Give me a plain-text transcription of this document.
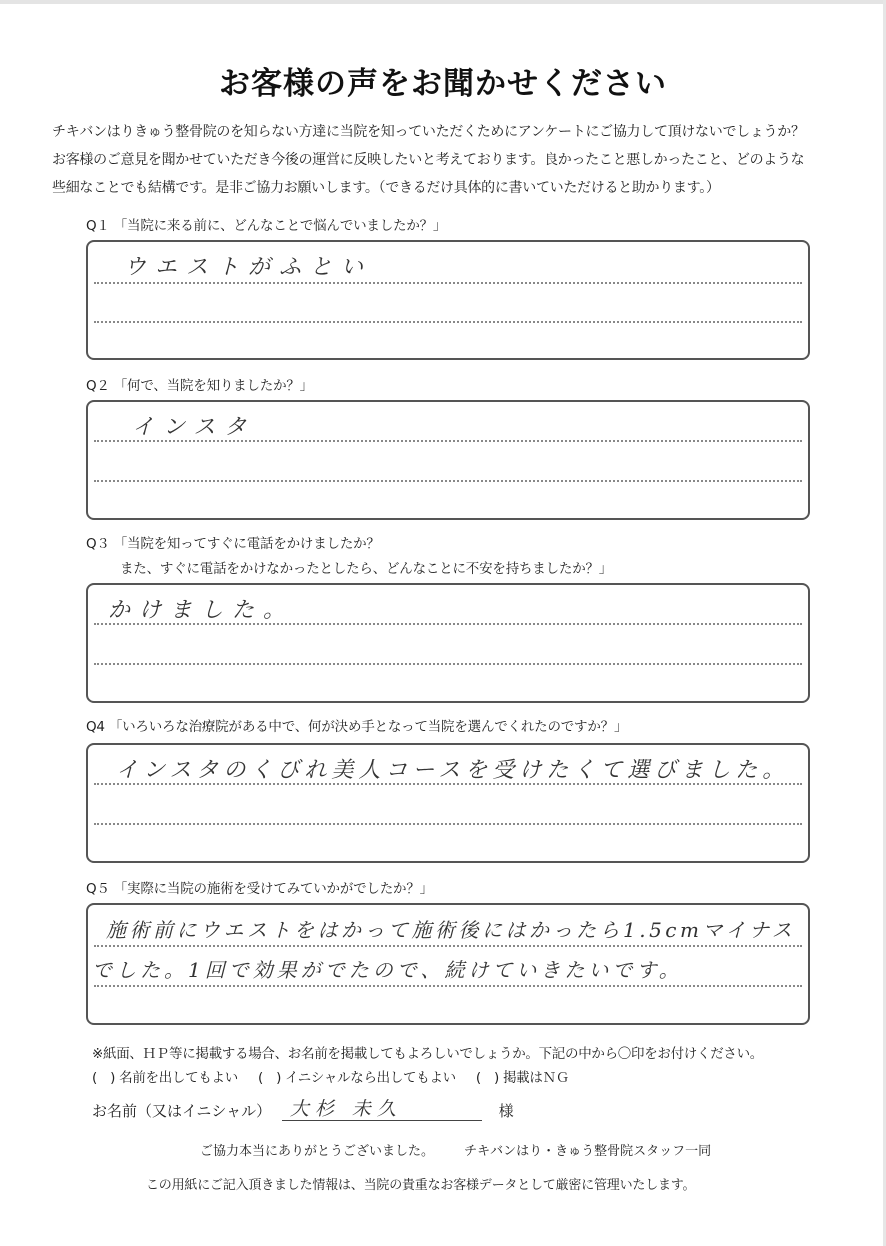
お客様の声をお聞かせください
チキバンはりきゅう整骨院のを知らない方達に当院を知っていただくためにアンケートにご協力して頂けないでしょうか？
お客様のご意見を聞かせていただき今後の運営に反映したいと考えております。良かったこと悪しかったこと、どのような
些細なことでも結構です。是非ご協力お願いします。（できるだけ具体的に書いていただけると助かります。）
Q１ 「当院に来る前に、どんなことで悩んでいましたか？」
ウエストがふとい
Q２ 「何で、当院を知りましたか？」
インスタ
Q３ 「当院を知ってすぐに電話をかけましたか？
また、すぐに電話をかけなかったとしたら、どんなことに不安を持ちましたか？」
かけました。
Q4 「いろいろな治療院がある中で、何が決め手となって当院を選んでくれたのですか？」
インスタのくびれ美人コースを受けたくて選びました。
Q５ 「実際に当院の施術を受けてみていかがでしたか？」
施術前にウエストをはかって施術後にはかったら1.5cmマイナス
でした。1回で効果がでたので、続けていきたいです。
※紙面、ＨＰ等に掲載する場合、お名前を掲載してもよろしいでしょうか。下記の中から〇印をお付けください。
(　) 名前を出してもよい (　) イニシャルなら出してもよい (　) 掲載はＮＧ
お名前（又はイニシャル） 大杉 未久	様
ご協力本当にありがとうございました。 チキバンはり・きゅう整骨院スタッフ一同
この用紙にご記入頂きました情報は、当院の貴重なお客様データとして厳密に管理いたします。
